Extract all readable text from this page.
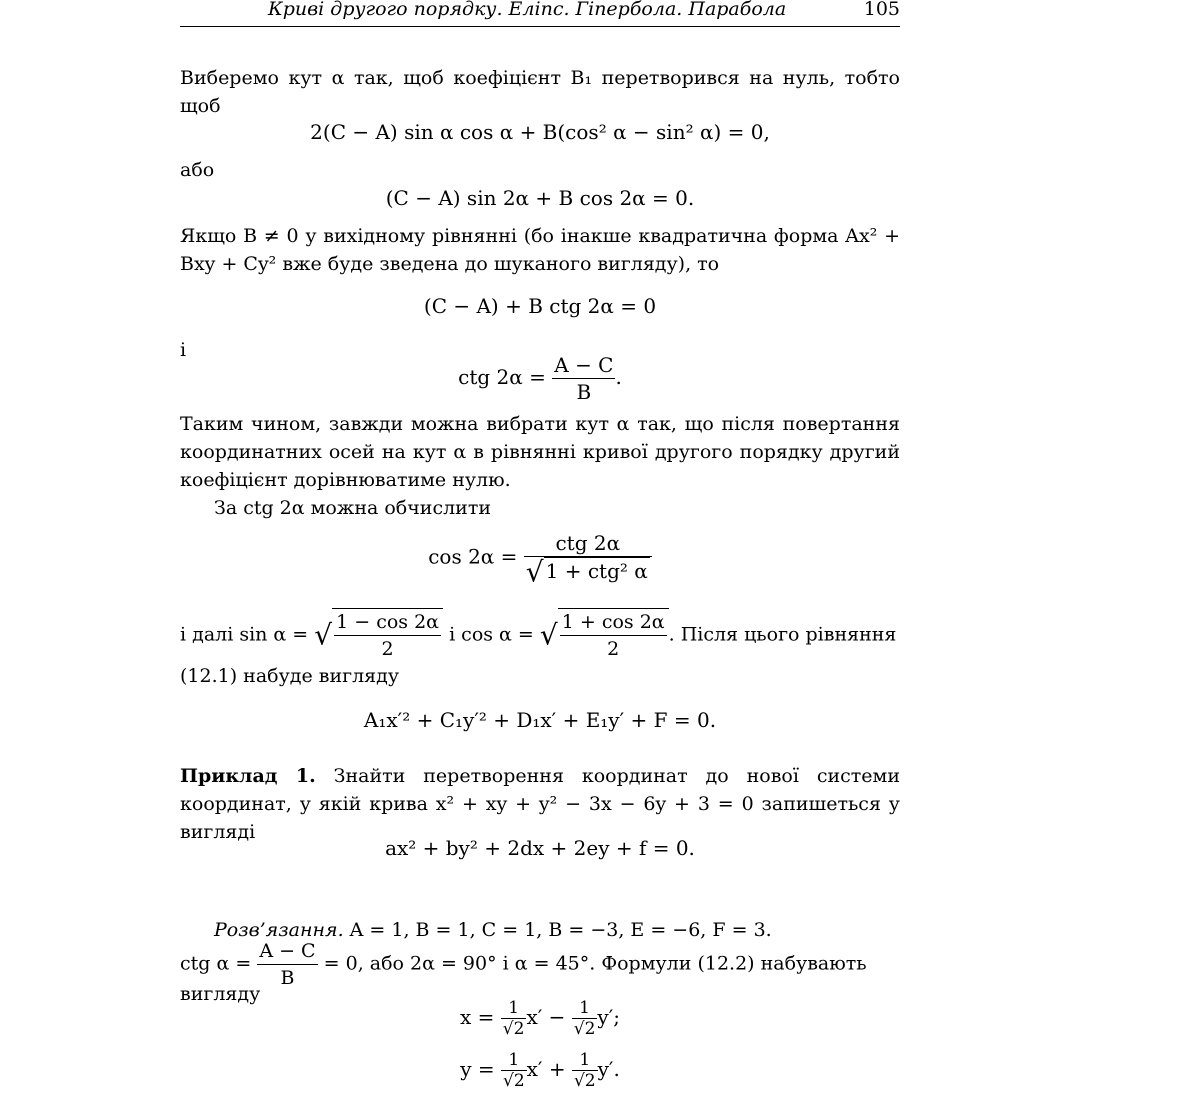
Криві другого порядку. Еліпс. Гіпербола. Парабола	105

Виберемо кут α так, щоб коефіцієнт B₁ перетворився на нуль, тобто щоб

2(C − A) sin α cos α + B(cos² α − sin² α) = 0,

або

(C − A) sin 2α + B cos 2α = 0.

Якщо B ≠ 0 у вихідному рівнянні (бо інакше квадратична форма Ax² + Bxy + Cy² вже буде зведена до шуканого вигляду), то

(C − A) + B ctg 2α = 0

і

ctg $2\alpha = \frac{A - C}{B}$ .

Таким чином, завжди можна вибрати кут α так, що після повертання координатних осей на кут α в рівнянні кривої другого порядку другий коефіцієнт дорівнюватиме нулю.

За ctg 2α можна обчислити

$\cos 2\alpha = \frac{\text{ctg 2α}}{\text{√ 1 + ctg² α}}$
і далі sin α = √ $\frac{1 - \cos 2\alpha}{2}$ і cos α = √ $\frac{1 + \cos 2\alpha}{2}$ . Після цього рівняння

(12.1) набуде вигляду

A₁x′² + C₁y′² + D₁x′ + E₁y′ + F = 0.

Приклад 1. Знайти перетворення координат до нової системи координат, у якій крива x² + xy + y² − 3x − 6y + 3 = 0 запишеться у вигляді

ax² + by² + 2dx + 2ey + f = 0.

Розв’язання. A = 1, B = 1, C = 1, B = −3, E = −6, F = 3.

ctg $\alpha = \frac{A - C}{B} = 0$, або 2α = 90° і α = 45°. Формули (12.2) набувають

вигляду

$x = \frac{1}{√2} x' - \frac{1}{√2} y'$;
$y = \frac{1}{√2} x' + \frac{1}{√2} y'$.
